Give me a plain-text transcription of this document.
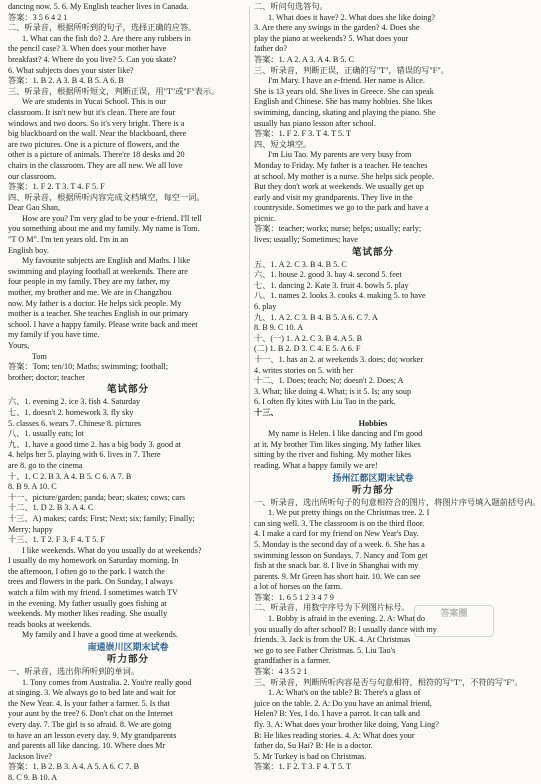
dancing now. 5. 6. My English teacher lives in Canada.
答案：3 5 6 4 2 1
二、听录音，根据所听到的句子，选择正确的应答。
1. What can the fish do? 2. Are there any rubbers in
the pencil case? 3. When does your mother have
breakfast? 4. Where do you live? 5. Can you skate?
6. What subjects does your sister like?
答案：1. B 2. A 3. B 4. B 5. A 6. B
三、听录音，根据所听短文，判断正误，用"T"或"F"表示。
We are students in Yucai School. This is our
classroom. It isn't new but it's clean. There are four
windows and two doors. So it's very bright. There is a
big blackboard on the wall. Near the blackboard, there
are two pictures. One is a picture of flowers, and the
other is a picture of animals. There're 18 desks and 20
chairs in the classroom. They are all new. We all love
our classroom.
答案：1. F 2. T 3. T 4. F 5. F
四、听录音，根据所听内容完成文档填空，每空一词。
Dear Gao Shan,
How are you? I'm very glad to be your e-friend. I'll tell
you something about me and my family. My name is Tom.
"T O M". I'm ten years old. I'm in an
English boy.
My favourite subjects are English and Maths. I like
swimming and playing football at weekends. There are
four people in my family. They are my father, my
mother, my brother and me. We are in Changzhou
now. My father is a doctor. He helps sick people. My
mother is a teacher. She teaches English in our primary
school. I have a happy family. Please write back and meet
my family if you have time.
Yours,
Tom
答案：Tom; ten/10; Maths; swimming; football;
brother; doctor; teacher
笔试部分
六、1. evening 2. ice 3. fish 4. Saturday
七、1. doesn't 2. homework 3. fly sky
5. classes 6. wears 7. Chinese 8. pictures
八、1. usually eats; lot
九、1. have a good time 2. has a big body 3. good at
4. helps her 5. playing with 6. lives in 7. There
are 8. go to the cinema
十、1. C 2. B 3. A 4. B 5. C 6. A 7. B
8. B 9. A 10. C
十一、picture/garden; panda; bear; skates; cows; cars
十二、1. D 2. B 3. A 4. C
十三、A) makes; cards; First; Next; six; family; Finally;
Merry; happy
十三、1. T 2. F 3. F 4. T 5. F
I like weekends. What do you usually do at weekends?
I usually do my homework on Saturday morning. In
the afternoon, I often go to the park. I watch the
trees and flowers in the park. On Sunday, I always
watch a film with my friend. I sometimes watch TV
in the evening. My father usually goes fishing at
weekends. My mother likes reading. She usually
reads books at weekends.
My family and I have a good time at weekends.
南通崇川区期末试卷
听力部分
一、听录音，选出你所听到的单词。
1. Tony comes from Australia. 2. You're really good
at singing. 3. We always go to bed late and wait for
the New Year. 4. Is your father a farmer. 5. Is that
your aunt by the tree? 6. Don't chat on the Internet
every day. 7. The girl is so afraid. 8. We are going
to have an art lesson every day. 9. My grandparents
and parents all like dancing. 10. Where does Mr
Jackson live?
答案：1. B 2. B 3. A 4. A 5. A 6. C 7. B
8. C 9. B 10. A
二、听问句选答句。
1. What does it have? 2. What does she like doing?
3. Are there any swings in the garden? 4. Does she
play the piano at weekends? 5. What does your
father do?
答案：1. A 2. A 3. A 4. B 5. C
三、听录音，判断正误，正确的写"T"，错误的写"F"。
I'm Mary. I have an e-friend. Her name is Alice.
She is 13 years old. She lives in Greece. She can speak
English and Chinese. She has many hobbies. She likes
swimming, dancing, skating and playing the piano. She
usually has piano lesson after school.
答案：1. F 2. F 3. T 4. T 5. T
四、短文填空。
I'm Liu Tao. My parents are very busy from
Monday to Friday. My father is a teacher. He teaches
at school. My mother is a nurse. She helps sick people.
But they don't work at weekends. We usually get up
early and visit my grandparents. They live in the
countryside. Sometimes we go to the park and have a
picnic.
答案：teacher; works; nurse; helps; usually; early;
lives; usually; Sometimes; have
笔试部分
五、1. A 2. C 3. B 4. B 5. C
六、1. house 2. good 3. bay 4. second 5. feet
七、1. dancing 2. Kate 3. fruit 4. bowls 5. play
八、1. names 2. looks 3. cooks 4. making 5. to have
6. play
九、1. A 2. C 3. B 4. B 5. A 6. C 7. A
8. B 9. C 10. A
十、(一) 1. A 2. C 3. B 4. A 5. B
(二) 1. B 2. D 3. C 4. E 5. A 6. F
十一、1. has an 2. at weekends 3. does; do; worker
4. writes stories on 5. with her
十二、1. Does; teach; No; doesn't 2. Does; A
3. What; like doing 4. What; is it 5. Is; any soup
6. I often fly kites with Liu Tao in the park.
十三、
Hobbies
My name is Helen. I like dancing and I'm good
at it. My brother Tim likes singing. My father likes
sitting by the river and fishing. My mother likes
reading. What a happy family we are!
扬州江都区期末试卷
听力部分
一、听录音，选出所听句子的句意相符合的图片，将图片序号填入题前括号内。
1. We put pretty things on the Christmas tree. 2. I
can sing well. 3. The classroom is on the third floor.
4. I make a card for my friend on New Year's Day.
5. Monday is the second day of a week. 6. She has a
swimming lesson on Sundays. 7. Nancy and Tom get
fish at the snack bar. 8. I live in Shanghai with my
parents. 9. Mr Green has short hair. 10. We can see
a lot of horses on the farm.
答案：1. 6 5 1 2 3 4 7 9
二、听录音，用数字序号为下列图片标号。
1. Bobby is afraid in the evening. 2. A: What do
you usually do after school? B: I usually dance with my
friends. 3. Jack is from the UK. 4. At Christmas
we go to see Father Christmas. 5. Liu Tao's
grandfather is a farmer.
答案：4 3 5 2 1
三、听录音，判断所听内容是否与句意相符，相符的写"T"，不符的写"F"。
1. A: What's on the table? B: There's a glass of
juice on the table. 2. A: Do you have an animal friend,
Helen? B: Yes, I do. I have a parrot. It can talk and
fly. 3. A: What does your brother like doing, Yang Ling?
B: He likes reading stories. 4. A: What does your
father do, Su Hai? B: He is a doctor.
5. Mr Turkey is bad on Christmas.
答案：1. F 2. T 3. F 4. T 5. T
答案圈
